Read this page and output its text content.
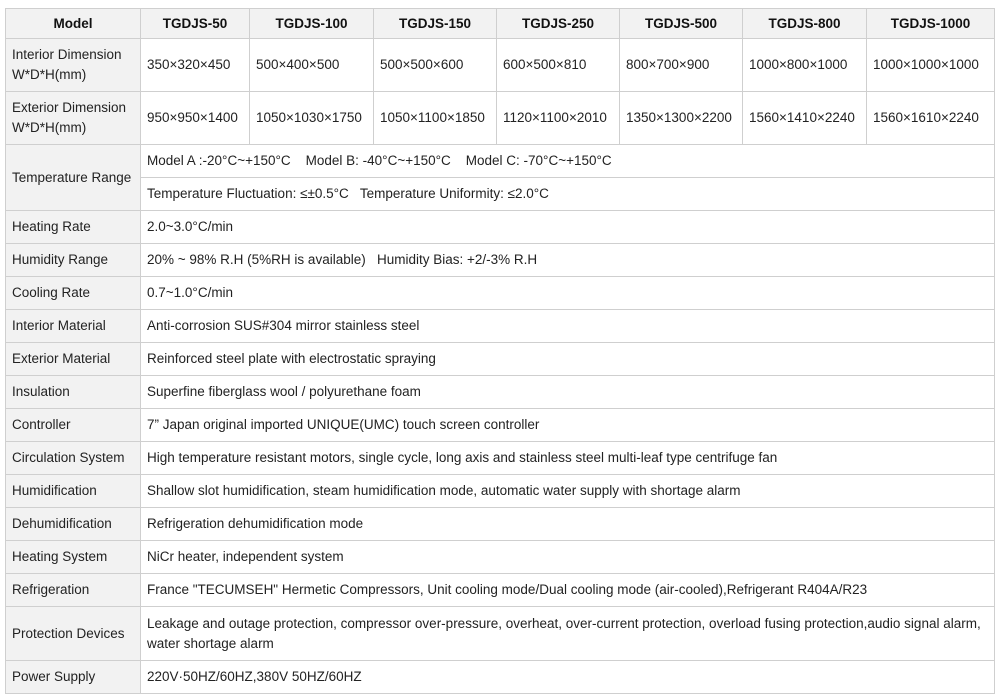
Model	TGDJS-50	TGDJS-100	TGDJS-150	TGDJS-250	TGDJS-500	TGDJS-800	TGDJS-1000
Interior Dimension
W*D*H(mm)	350×320×450	500×400×500	500×500×600	600×500×810	800×700×900	1000×800×1000	1000×1000×1000
Exterior Dimension
W*D*H(mm)	950×950×1400	1050×1030×1750	1050×1100×1850	1120×1100×2010	1350×1300×2200	1560×1410×2240	1560×1610×2240
Temperature Range	Model A :-20°C~+150°C    Model B: -40°C~+150°C    Model C: -70°C~+150°C						
	Temperature Fluctuation: ≤±0.5°C   Temperature Uniformity: ≤2.0°C						
Heating Rate	2.0~3.0°C/min						
Humidity Range	20% ~ 98% R.H (5%RH is available)   Humidity Bias: +2/-3% R.H						
Cooling Rate	0.7~1.0°C/min						
Interior Material	Anti-corrosion SUS#304 mirror stainless steel						
Exterior Material	Reinforced steel plate with electrostatic spraying						
Insulation	Superfine fiberglass wool / polyurethane foam						
Controller	7” Japan original imported UNIQUE(UMC) touch screen controller						
Circulation System	High temperature resistant motors, single cycle, long axis and stainless steel multi-leaf type centrifuge fan						
Humidification	Shallow slot humidification, steam humidification mode, automatic water supply with shortage alarm						
Dehumidification	Refrigeration dehumidification mode						
Heating System	NiCr heater, independent system						
Refrigeration	France "TECUMSEH" Hermetic Compressors, Unit cooling mode/Dual cooling mode (air-cooled),Refrigerant R404A/R23						
Protection Devices	Leakage and outage protection, compressor over-pressure, overheat, over-current protection, overload fusing protection,audio signal alarm,
water shortage alarm						
Power Supply	220V·50HZ/60HZ,380V 50HZ/60HZ						
